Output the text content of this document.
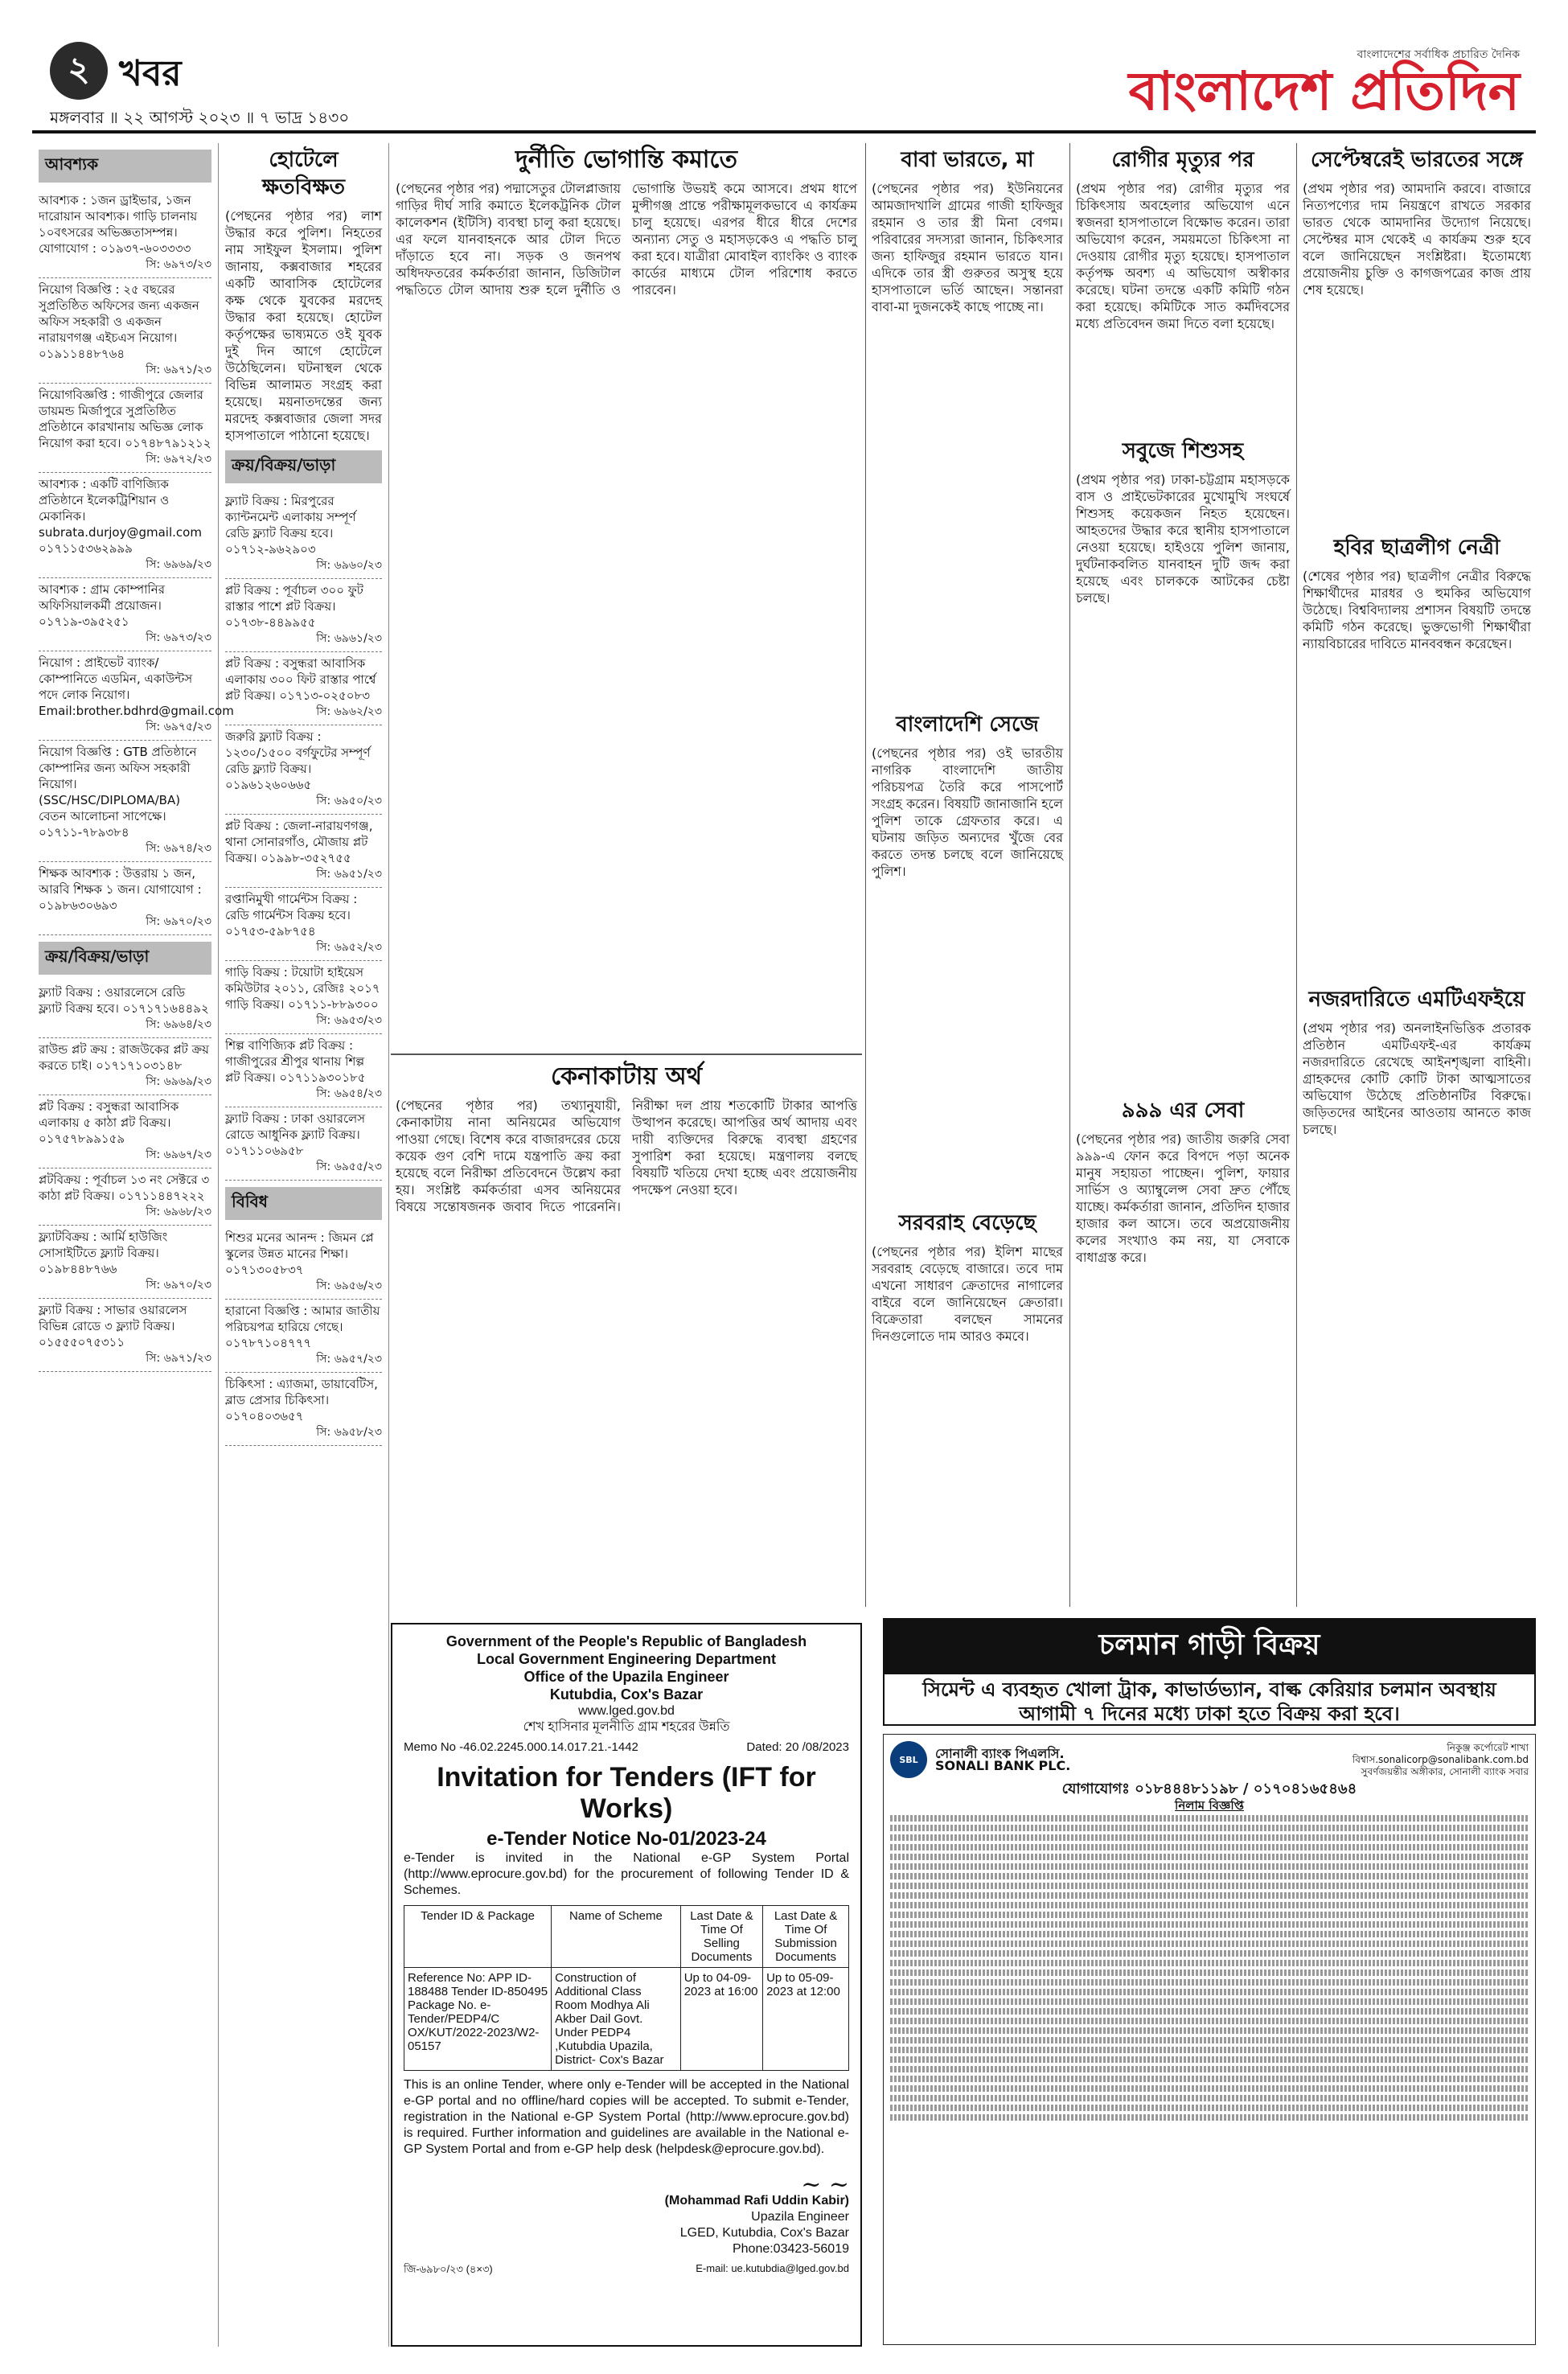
২ খবর
মঙ্গলবার ॥ ২২ আগস্ট ২০২৩ ॥ ৭ ভাদ্র ১৪৩০
বাংলাদেশের সর্বাধিক প্রচারিত দৈনিক
বাংলাদেশ প্রতিদিন
আবশ্যক
আবশ্যক : ১জন ড্রাইভার, ১জন দারোয়ান আবশ্যক। গাড়ি চালনায় ১০বৎসরের অভিজ্ঞতাসম্পন্ন। যোগাযোগ : ০১৯৩৭-৬০৩৩৩৩
সি: ৬৯৭৩/২৩
নিয়োগ বিজ্ঞপ্তি : ২৫ বছরের সুপ্রতিষ্ঠিত অফিসের জন্য একজন অফিস সহকারী ও একজন নারায়ণগঞ্জ এইচএস নিয়োগ। ০১৯১১৪৪৮৭৬৪
সি: ৬৯৭১/২৩
নিয়োগবিজ্ঞপ্তি : গাজীপুরে জেলার ডায়মন্ড মির্জাপুরে সুপ্রতিষ্ঠিত প্রতিষ্ঠানে কারখানায় অভিজ্ঞ লোক নিয়োগ করা হবে। ০১৭৪৮৭৯১২১২
সি: ৬৯৭২/২৩
আবশ্যক : একটি বাণিজ্যিক প্রতিষ্ঠানে ইলেকট্রিশিয়ান ও মেকানিক। subrata.durjoy@gmail.com ০১৭১১৫৩৬২৯৯৯
সি: ৬৯৬৯/২৩
আবশ্যক : গ্রাম কোম্পানির অফিসিয়ালকর্মী প্রয়োজন। ০১৭১৯-৩৯৫২৫১
সি: ৬৯৭৩/২৩
নিয়োগ : প্রাইভেট ব্যাংক/কোম্পানিতে এডমিন, একাউন্টস পদে লোক নিয়োগ। Email:brother.bdhrd@gmail.com
সি: ৬৯৭৫/২৩
নিয়োগ বিজ্ঞপ্তি : GTB প্রতিষ্ঠানে কোম্পানির জন্য অফিস সহকারী নিয়োগ। (SSC/HSC/DIPLOMA/BA) বেতন আলোচনা সাপেক্ষে। ০১৭১১-৭৮৯৩৮৪
সি: ৬৯৭৪/২৩
শিক্ষক আবশ্যক : উত্তরায় ১ জন, আরবি শিক্ষক ১ জন। যোগাযোগ : ০১৯৮৬৩০৬৯৩
সি: ৬৯৭০/২৩
ক্রয়/বিক্রয়/ভাড়া
ফ্ল্যাট বিক্রয় : ওয়ারলেসে রেডি ফ্ল্যাট বিক্রয় হবে। ০১৭১৭১৬৪৪৯২
সি: ৬৯৬৪/২৩
রাউন্ড প্লট ক্রয় : রাজউকের প্লট ক্রয় করতে চাই। ০১৭১৭১০৩১৪৮
সি: ৬৯৬৯/২৩
প্লট বিক্রয় : বসুন্ধরা আবাসিক এলাকায় ৫ কাঠা প্লট বিক্রয়। ০১৭৫৭৮৯৯১৫৯
সি: ৬৯৬৭/২৩
প্লটবিক্রয় : পূর্বাচল ১৩ নং সেক্টরে ৩ কাঠা প্লট বিক্রয়। ০১৭১১৪৪৭২২২
সি: ৬৯৬৮/২৩
ফ্ল্যাটবিক্রয় : আর্মি হাউজিং সোসাইটিতে ফ্ল্যাট বিক্রয়। ০১৯৮৪৪৮৭৬৬
সি: ৬৯৭০/২৩
ফ্ল্যাট বিক্রয় : সাভার ওয়ারলেস বিভিন্ন রোডে ৩ ফ্ল্যাট বিক্রয়। ০১৫৫৫০৭৫৩১১
সি: ৬৯৭১/২৩
হোটেলে ক্ষতবিক্ষত
(পেছনের পৃষ্ঠার পর) লাশ উদ্ধার করে পুলিশ। নিহতের নাম সাইফুল ইসলাম। পুলিশ জানায়, কক্সবাজার শহরের একটি আবাসিক হোটেলের কক্ষ থেকে যুবকের মরদেহ উদ্ধার করা হয়েছে। হোটেল কর্তৃপক্ষের ভাষ্যমতে ওই যুবক দুই দিন আগে হোটেলে উঠেছিলেন। ঘটনাস্থল থেকে বিভিন্ন আলামত সংগ্রহ করা হয়েছে। ময়নাতদন্তের জন্য মরদেহ কক্সবাজার জেলা সদর হাসপাতালে পাঠানো হয়েছে।
ক্রয়/বিক্রয়/ভাড়া
ফ্ল্যাট বিক্রয় : মিরপুরের ক্যান্টনমেন্ট এলাকায় সম্পূর্ণ রেডি ফ্ল্যাট বিক্রয় হবে। ০১৭১২-৯৬২৯০৩
সি: ৬৯৬০/২৩
প্লট বিক্রয় : পূর্বাচল ৩০০ ফুট রাস্তার পাশে প্লট বিক্রয়। ০১৭৩৮-৪৪৯৯৫৫
সি: ৬৯৬১/২৩
প্লট বিক্রয় : বসুন্ধরা আবাসিক এলাকায় ৩০০ ফিট রাস্তার পার্শ্বে প্লট বিক্রয়। ০১৭১৩-০২৫০৮৩
সি: ৬৯৬২/২৩
জরুরি ফ্ল্যাট বিক্রয় : ১২৩০/১৫০০ বর্গফুটের সম্পূর্ণ রেডি ফ্ল্যাট বিক্রয়। ০১৯৬১২৬০৬৬৫
সি: ৬৯৫০/২৩
প্লট বিক্রয় : জেলা-নারায়ণগঞ্জ, থানা সোনারগাঁও, মৌজায় প্লট বিক্রয়। ০১৯৯৮-৩৫২৭৫৫
সি: ৬৯৫১/২৩
রপ্তানিমুখী গার্মেন্টস বিক্রয় : রেডি গার্মেন্টস বিক্রয় হবে। ০১৭৫৩-৫৯৮৭৫৪
সি: ৬৯৫২/২৩
গাড়ি বিক্রয় : টয়োটা হাইয়েস কমিউটার ২০১১, রেজিঃ ২০১৭ গাড়ি বিক্রয়। ০১৭১১-৮৮৯৩০০
সি: ৬৯৫৩/২৩
শিল্প বাণিজ্যিক প্লট বিক্রয় : গাজীপুরের শ্রীপুর থানায় শিল্প প্লট বিক্রয়। ০১৭১১৯৩০১৮৫
সি: ৬৯৫৪/২৩
ফ্ল্যাট বিক্রয় : ঢাকা ওয়ারলেস রোডে আধুনিক ফ্ল্যাট বিক্রয়। ০১৭১১০৬৯৫৮
সি: ৬৯৫৫/২৩
বিবিধ
শিশুর মনের আনন্দ : জিমন প্লে স্কুলের উন্নত মানের শিক্ষা। ০১৭১৩০৫৮৩৭
সি: ৬৯৫৬/২৩
হারানো বিজ্ঞপ্তি : আমার জাতীয় পরিচয়পত্র হারিয়ে গেছে। ০১৭৮৭১০৪৭৭৭
সি: ৬৯৫৭/২৩
চিকিৎসা : এ্যাজমা, ডায়াবেটিস, ব্লাড প্রেসার চিকিৎসা। ০১৭০৪০৩৬৫৭
সি: ৬৯৫৮/২৩
দুর্নীতি ভোগান্তি কমাতে
(পেছনের পৃষ্ঠার পর) পদ্মাসেতুর টোলপ্লাজায় গাড়ির দীর্ঘ সারি কমাতে ইলেকট্রনিক টোল কালেকশন (ইটিসি) ব্যবস্থা চালু করা হয়েছে। এর ফলে যানবাহনকে আর টোল দিতে দাঁড়াতে হবে না। সড়ক ও জনপথ অধিদফতরের কর্মকর্তারা জানান, ডিজিটাল পদ্ধতিতে টোল আদায় শুরু হলে দুর্নীতি ও ভোগান্তি উভয়ই কমে আসবে। প্রথম ধাপে মুন্সীগঞ্জ প্রান্তে পরীক্ষামূলকভাবে এ কার্যক্রম চালু হয়েছে। এরপর ধীরে ধীরে দেশের অন্যান্য সেতু ও মহাসড়কেও এ পদ্ধতি চালু করা হবে। যাত্রীরা মোবাইল ব্যাংকিং ও ব্যাংক কার্ডের মাধ্যমে টোল পরিশোধ করতে পারবেন।
কেনাকাটায় অর্থ
(পেছনের পৃষ্ঠার পর) তথ্যানুযায়ী, কেনাকাটায় নানা অনিয়মের অভিযোগ পাওয়া গেছে। বিশেষ করে বাজারদরের চেয়ে কয়েক গুণ বেশি দামে যন্ত্রপাতি ক্রয় করা হয়েছে বলে নিরীক্ষা প্রতিবেদনে উল্লেখ করা হয়। সংশ্লিষ্ট কর্মকর্তারা এসব অনিয়মের বিষয়ে সন্তোষজনক জবাব দিতে পারেননি। নিরীক্ষা দল প্রায় শতকোটি টাকার আপত্তি উত্থাপন করেছে। আপত্তির অর্থ আদায় এবং দায়ী ব্যক্তিদের বিরুদ্ধে ব্যবস্থা গ্রহণের সুপারিশ করা হয়েছে। মন্ত্রণালয় বলছে বিষয়টি খতিয়ে দেখা হচ্ছে এবং প্রয়োজনীয় পদক্ষেপ নেওয়া হবে।
Government of the People's Republic of Bangladesh
Local Government Engineering Department
Office of the Upazila Engineer
Kutubdia, Cox's Bazar
www.lged.gov.bd
শেখ হাসিনার মূলনীতি গ্রাম শহরের উন্নতি
Memo No -46.02.2245.000.14.017.21.-1442	Dated: 20 /08/2023
Invitation for Tenders (IFT for Works)
e-Tender Notice No-01/2023-24
e-Tender is invited in the National e-GP System Portal (http://www.eprocure.gov.bd) for the procurement of following Tender ID & Schemes.
Tender ID & Package	Name of Scheme	Last Date & Time Of Selling Documents	Last Date & Time Of Submission Documents
Reference No: APP ID-188488 Tender ID-850495 Package No. e-Tender/PEDP4/C OX/KUT/2022-2023/W2-05157	Construction of Additional Class Room Modhya Ali Akber Dail Govt. Under PEDP4 ,Kutubdia Upazila, District- Cox's Bazar	Up to 04-09-2023 at 16:00	Up to 05-09-2023 at 12:00
This is an online Tender, where only e-Tender will be accepted in the National e-GP portal and no offline/hard copies will be accepted. To submit e-Tender, registration in the National e-GP System Portal (http://www.eprocure.gov.bd) is required. Further information and guidelines are available in the National e-GP System Portal and from e-GP help desk (helpdesk@eprocure.gov.bd).
~ ~
(Mohammad Rafi Uddin Kabir)
Upazila Engineer
LGED, Kutubdia, Cox's Bazar
Phone:03423-56019
জি-৬৯৮০/২৩ (৪×৩)	E-mail: ue.kutubdia@lged.gov.bd
বাবা ভারতে, মা
(পেছনের পৃষ্ঠার পর) ইউনিয়নের আমজাদখালি গ্রামের গাজী হাফিজুর রহমান ও তার স্ত্রী মিনা বেগম। পরিবারের সদস্যরা জানান, চিকিৎসার জন্য হাফিজুর রহমান ভারতে যান। এদিকে তার স্ত্রী গুরুতর অসুস্থ হয়ে হাসপাতালে ভর্তি আছেন। সন্তানরা বাবা-মা দুজনকেই কাছে পাচ্ছে না।
বাংলাদেশি সেজে
(পেছনের পৃষ্ঠার পর) ওই ভারতীয় নাগরিক বাংলাদেশি জাতীয় পরিচয়পত্র তৈরি করে পাসপোর্ট সংগ্রহ করেন। বিষয়টি জানাজানি হলে পুলিশ তাকে গ্রেফতার করে। এ ঘটনায় জড়িত অন্যদের খুঁজে বের করতে তদন্ত চলছে বলে জানিয়েছে পুলিশ।
সরবরাহ বেড়েছে
(পেছনের পৃষ্ঠার পর) ইলিশ মাছের সরবরাহ বেড়েছে বাজারে। তবে দাম এখনো সাধারণ ক্রেতাদের নাগালের বাইরে বলে জানিয়েছেন ক্রেতারা। বিক্রেতারা বলছেন সামনের দিনগুলোতে দাম আরও কমবে।
রোগীর মৃত্যুর পর
(প্রথম পৃষ্ঠার পর) রোগীর মৃত্যুর পর চিকিৎসায় অবহেলার অভিযোগ এনে স্বজনরা হাসপাতালে বিক্ষোভ করেন। তারা অভিযোগ করেন, সময়মতো চিকিৎসা না দেওয়ায় রোগীর মৃত্যু হয়েছে। হাসপাতাল কর্তৃপক্ষ অবশ্য এ অভিযোগ অস্বীকার করেছে। ঘটনা তদন্তে একটি কমিটি গঠন করা হয়েছে। কমিটিকে সাত কর্মদিবসের মধ্যে প্রতিবেদন জমা দিতে বলা হয়েছে।
সবুজে শিশুসহ
(প্রথম পৃষ্ঠার পর) ঢাকা-চট্টগ্রাম মহাসড়কে বাস ও প্রাইভেটকারের মুখোমুখি সংঘর্ষে শিশুসহ কয়েকজন নিহত হয়েছেন। আহতদের উদ্ধার করে স্থানীয় হাসপাতালে নেওয়া হয়েছে। হাইওয়ে পুলিশ জানায়, দুর্ঘটনাকবলিত যানবাহন দুটি জব্দ করা হয়েছে এবং চালককে আটকের চেষ্টা চলছে।
৯৯৯ এর সেবা
(পেছনের পৃষ্ঠার পর) জাতীয় জরুরি সেবা ৯৯৯-এ ফোন করে বিপদে পড়া অনেক মানুষ সহায়তা পাচ্ছেন। পুলিশ, ফায়ার সার্ভিস ও অ্যাম্বুলেন্স সেবা দ্রুত পৌঁছে যাচ্ছে। কর্মকর্তারা জানান, প্রতিদিন হাজার হাজার কল আসে। তবে অপ্রয়োজনীয় কলের সংখ্যাও কম নয়, যা সেবাকে বাধাগ্রস্ত করে।
সেপ্টেম্বরেই ভারতের সঙ্গে
(প্রথম পৃষ্ঠার পর) আমদানি করবে। বাজারে নিত্যপণ্যের দাম নিয়ন্ত্রণে রাখতে সরকার ভারত থেকে আমদানির উদ্যোগ নিয়েছে। সেপ্টেম্বর মাস থেকেই এ কার্যক্রম শুরু হবে বলে জানিয়েছেন সংশ্লিষ্টরা। ইতোমধ্যে প্রয়োজনীয় চুক্তি ও কাগজপত্রের কাজ প্রায় শেষ হয়েছে।
হবির ছাত্রলীগ নেত্রী
(শেষের পৃষ্ঠার পর) ছাত্রলীগ নেত্রীর বিরুদ্ধে শিক্ষার্থীদের মারধর ও হুমকির অভিযোগ উঠেছে। বিশ্ববিদ্যালয় প্রশাসন বিষয়টি তদন্তে কমিটি গঠন করেছে। ভুক্তভোগী শিক্ষার্থীরা ন্যায়বিচারের দাবিতে মানববন্ধন করেছেন।
নজরদারিতে এমটিএফইয়ে
(প্রথম পৃষ্ঠার পর) অনলাইনভিত্তিক প্রতারক প্রতিষ্ঠান এমটিএফই-এর কার্যক্রম নজরদারিতে রেখেছে আইনশৃঙ্খলা বাহিনী। গ্রাহকদের কোটি কোটি টাকা আত্মসাতের অভিযোগ উঠেছে প্রতিষ্ঠানটির বিরুদ্ধে। জড়িতদের আইনের আওতায় আনতে কাজ চলছে।
চলমান গাড়ী বিক্রয়
সিমেন্ট এ ব্যবহৃত খোলা ট্রাক, কাভার্ডভ্যান, বাল্ক কেরিয়ার চলমান অবস্থায় আগামী ৭ দিনের মধ্যে ঢাকা হতে বিক্রয় করা হবে।
SBL	সোনালী ব্যাংক পিএলসি.
SONALI BANK PLC.
নিকুঞ্জ কর্পোরেট শাখা
বিশ্বাস.sonalicorp@sonalibank.com.bd
সুবর্ণজয়ন্তীর অঙ্গীকার, সোনালী ব্যাংক সবার
যোগাযোগঃ ০১৮৪৪৪৮১১৯৮ / ০১৭০৪১৬৫৪৬৪
নিলাম বিজ্ঞপ্তি
